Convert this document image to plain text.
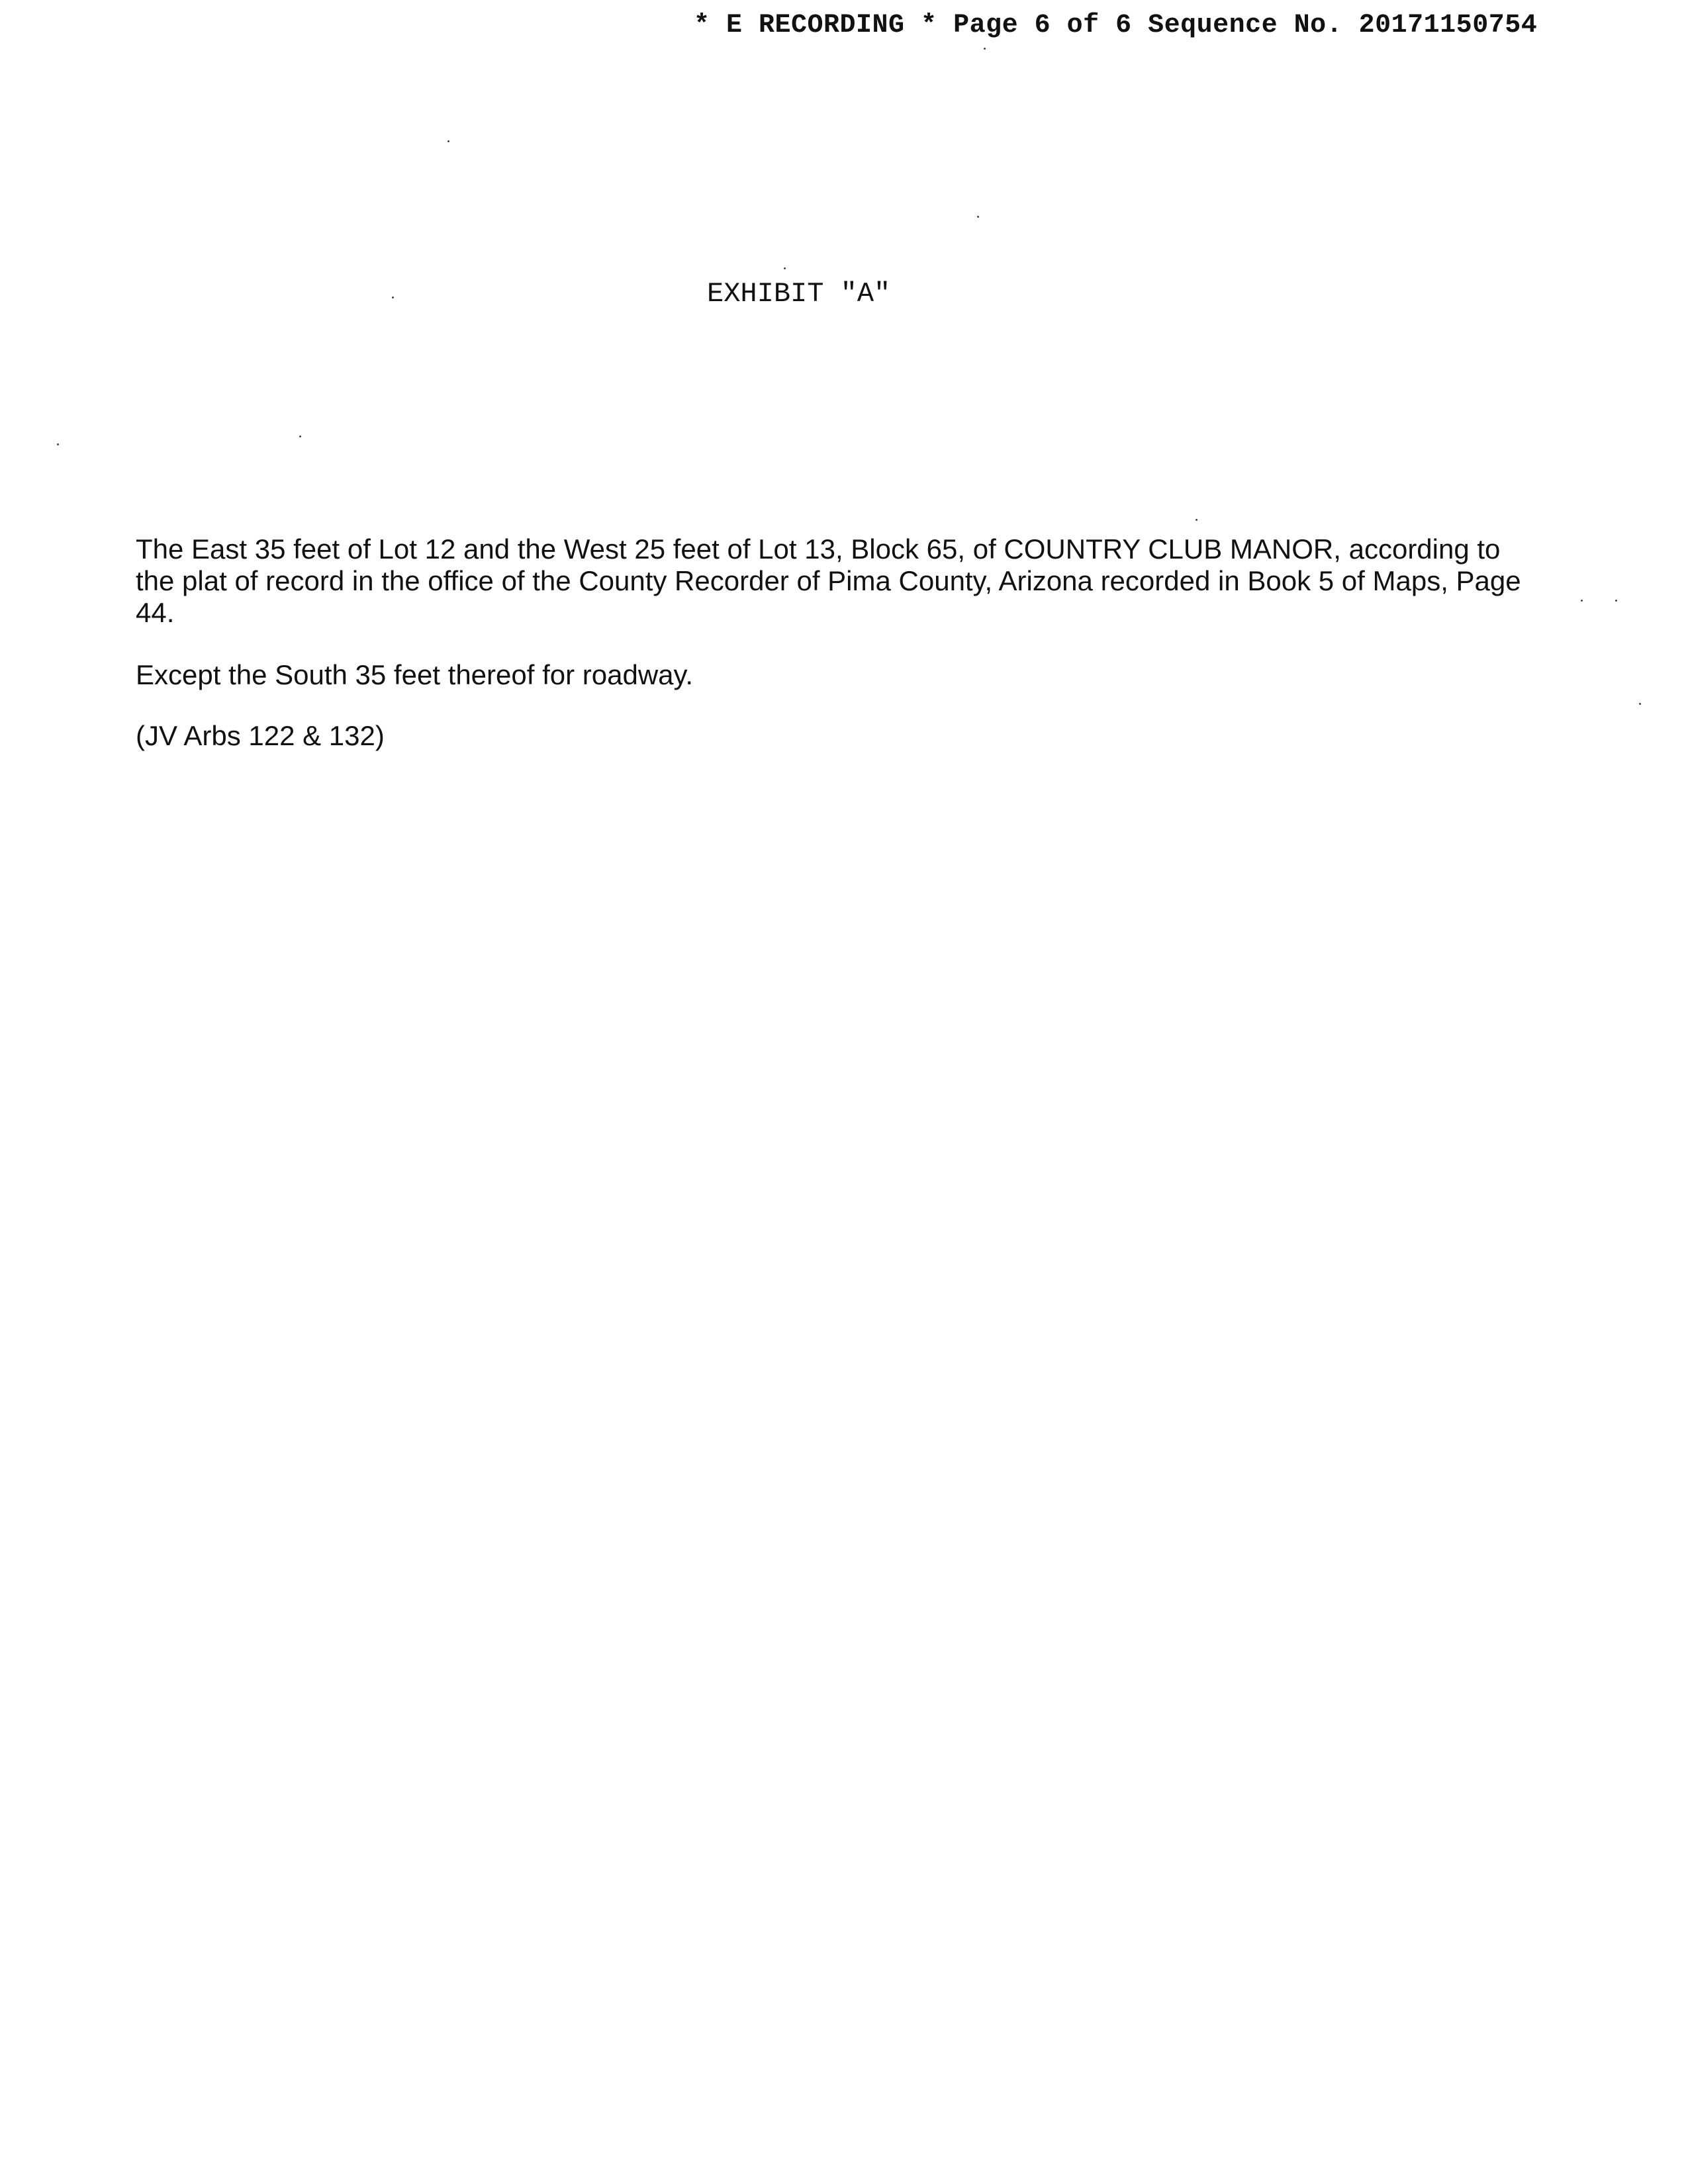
* E RECORDING * Page 6 of 6 Sequence No. 20171150754
EXHIBIT "A"

The East 35 feet of Lot 12 and the West 25 feet of Lot 13, Block 65, of COUNTRY CLUB MANOR, according to the plat of record in the office of the County Recorder of Pima County, Arizona recorded in Book 5 of Maps, Page 44.

Except the South 35 feet thereof for roadway.

(JV Arbs 122 & 132)
